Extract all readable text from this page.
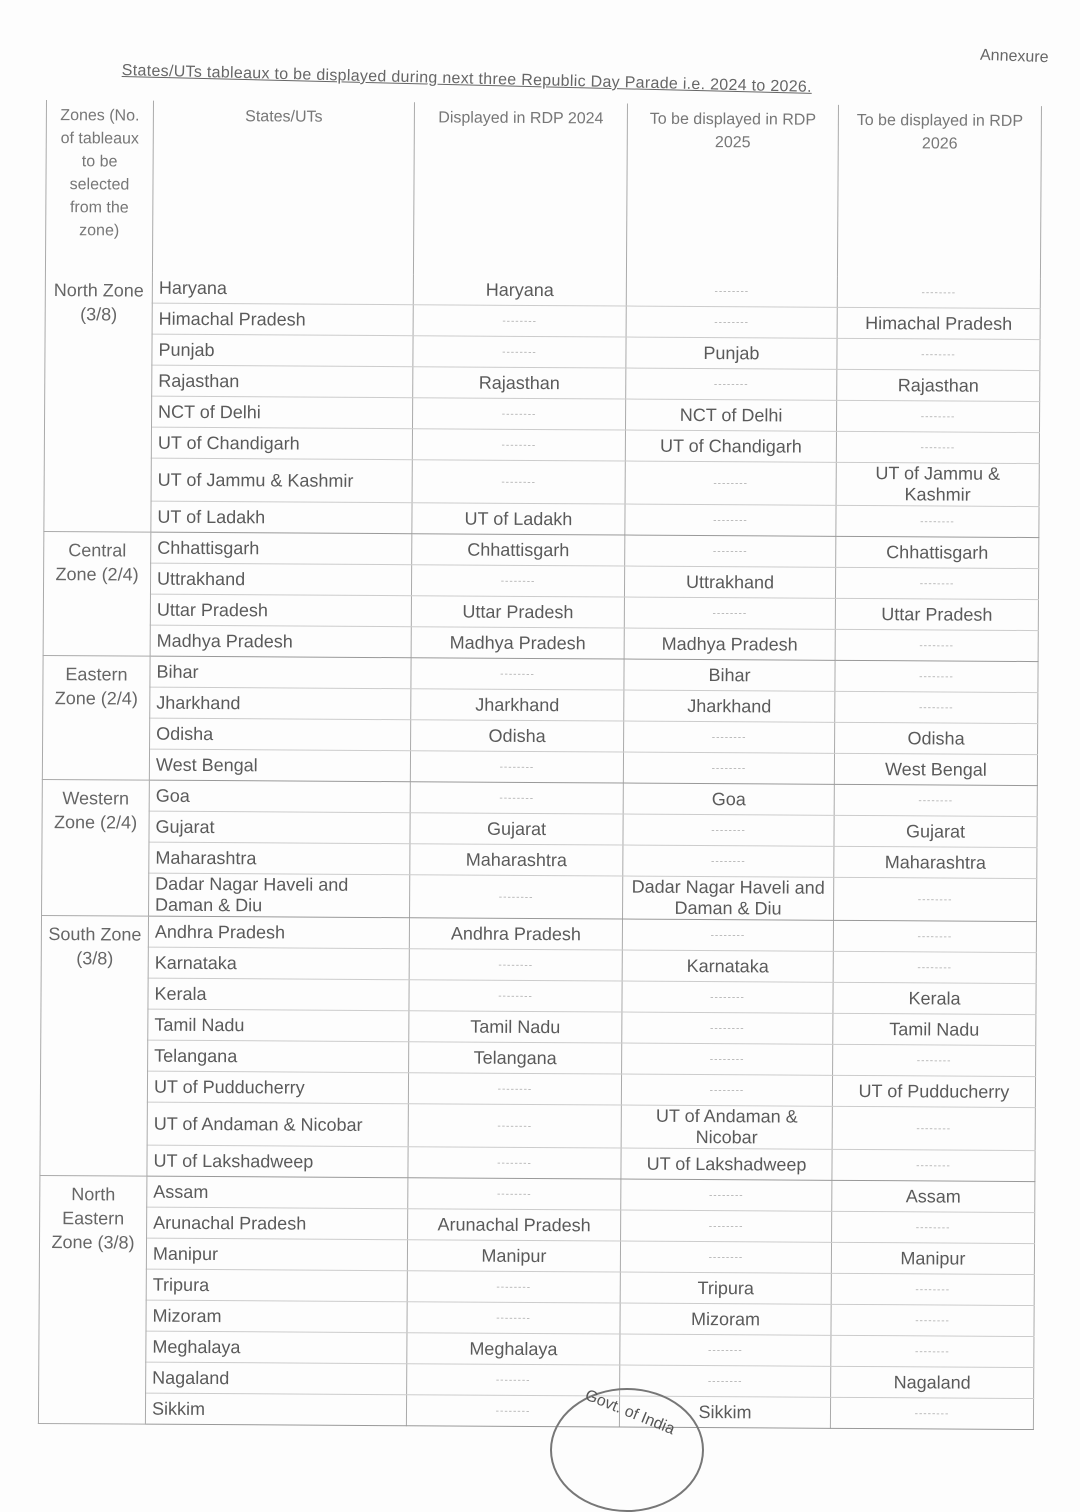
Annexure
States/UTs tableaux to be displayed during next three Republic Day Parade i.e. 2024 to 2026.
Zones (No. of tableaux to be selected from the zone)	States/UTs	Displayed in RDP 2024	To be displayed in RDP 2025	To be displayed in RDP 2026
North Zone (3/8)	Haryana	Haryana	--------	--------
	Himachal Pradesh	--------	--------	Himachal Pradesh
	Punjab	--------	Punjab	--------
	Rajasthan	Rajasthan	--------	Rajasthan
	NCT of Delhi	--------	NCT of Delhi	--------
	UT of Chandigarh	--------	UT of Chandigarh	--------
	UT of Jammu & Kashmir	--------	--------	UT of Jammu & Kashmir
	UT of Ladakh	UT of Ladakh	--------	--------
Central Zone (2/4)	Chhattisgarh	Chhattisgarh	--------	Chhattisgarh
	Uttrakhand	--------	Uttrakhand	--------
	Uttar Pradesh	Uttar Pradesh	--------	Uttar Pradesh
	Madhya Pradesh	Madhya Pradesh	Madhya Pradesh	--------
Eastern Zone (2/4)	Bihar	--------	Bihar	--------
	Jharkhand	Jharkhand	Jharkhand	--------
	Odisha	Odisha	--------	Odisha
	West Bengal	--------	--------	West Bengal
Western Zone (2/4)	Goa	--------	Goa	--------
	Gujarat	Gujarat	--------	Gujarat
	Maharashtra	Maharashtra	--------	Maharashtra
	Dadar Nagar Haveli and Daman & Diu	--------	Dadar Nagar Haveli and Daman & Diu	--------
South Zone (3/8)	Andhra Pradesh	Andhra Pradesh	--------	--------
	Karnataka	--------	Karnataka	--------
	Kerala	--------	--------	Kerala
	Tamil Nadu	Tamil Nadu	--------	Tamil Nadu
	Telangana	Telangana	--------	--------
	UT of Pudducherry	--------	--------	UT of Pudducherry
	UT of Andaman & Nicobar	--------	UT of Andaman & Nicobar	--------
	UT of Lakshadweep	--------	UT of Lakshadweep	--------
North Eastern Zone (3/8)	Assam	--------	--------	Assam
	Arunachal Pradesh	Arunachal Pradesh	--------	--------
	Manipur	Manipur	--------	Manipur
	Tripura	--------	Tripura	--------
	Mizoram	--------	Mizoram	--------
	Meghalaya	Meghalaya	--------	--------
	Nagaland	--------	--------	Nagaland
	Sikkim	--------	Sikkim	--------
Govt. of India
